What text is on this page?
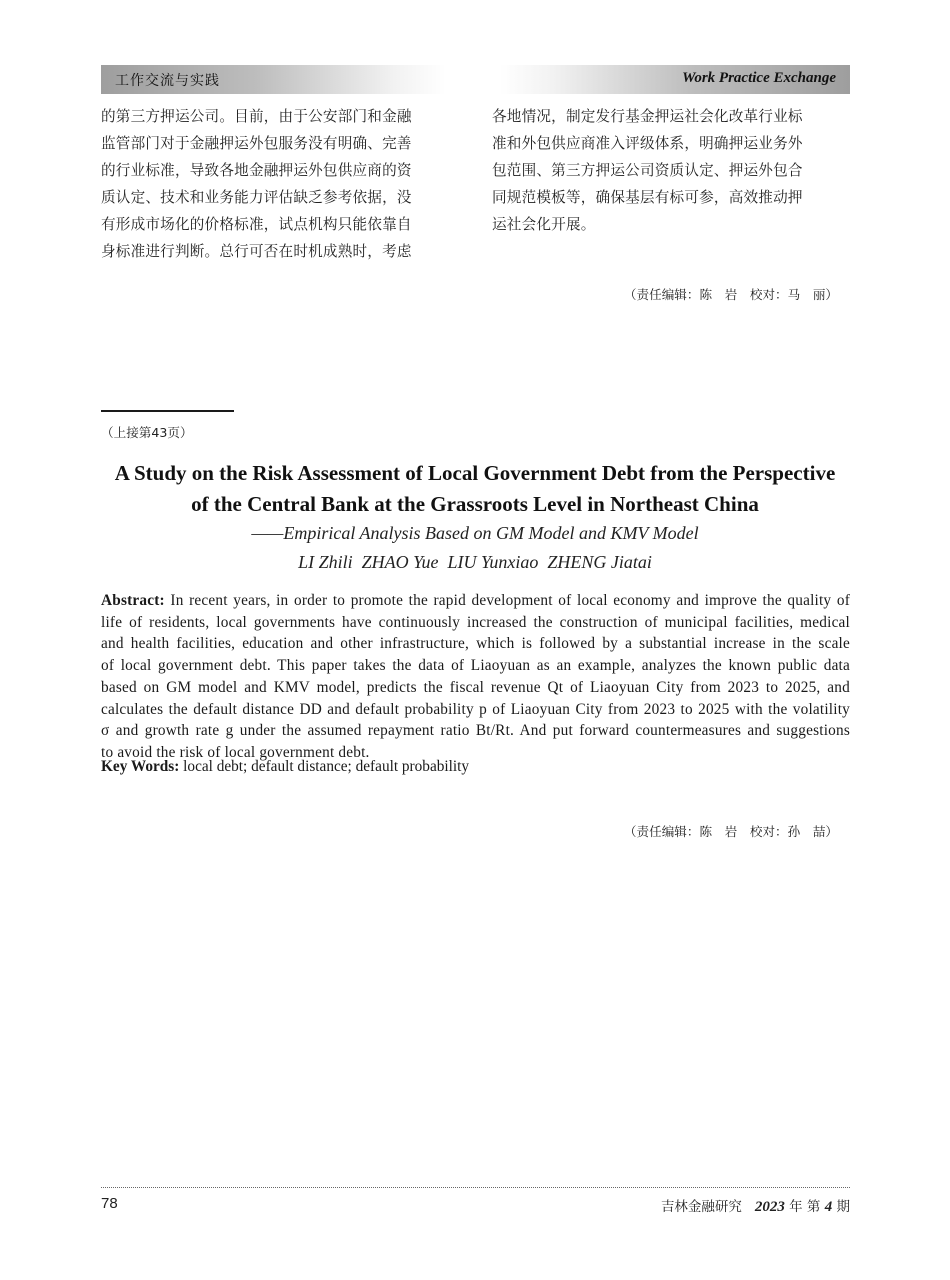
工作交流与实践	Work Practice Exchange
的第三方押运公司。目前，由于公安部门和金融
监管部门对于金融押运外包服务没有明确、完善
的行业标准，导致各地金融押运外包供应商的资
质认定、技术和业务能力评估缺乏参考依据，没
有形成市场化的价格标准，试点机构只能依靠自
身标准进行判断。总行可否在时机成熟时，考虑
各地情况，制定发行基金押运社会化改革行业标
准和外包供应商准入评级体系，明确押运业务外
包范围、第三方押运公司资质认定、押运外包合
同规范模板等，确保基层有标可参，高效推动押
运社会化开展。
（责任编辑：陈　岩　校对：马　丽）
（上接第43页）
A Study on the Risk Assessment of Local Government Debt from the Perspective
of the Central Bank at the Grassroots Level in Northeast China
——Empirical Analysis Based on GM Model and KMV Model
LI Zhili  ZHAO Yue  LIU Yunxiao  ZHENG Jiatai
Abstract: In recent years, in order to promote the rapid development of local economy and improve the quality of
life of residents, local governments have continuously increased the construction of municipal facilities, medical
and health facilities, education and other infrastructure, which is followed by a substantial increase in the scale
of local government debt. This paper takes the data of Liaoyuan as an example, analyzes the known public data
based on GM model and KMV model, predicts the fiscal revenue Qt of Liaoyuan City from 2023 to 2025, and
calculates the default distance DD and default probability p of Liaoyuan City from 2023 to 2025 with the volatility
σ and growth rate g under the assumed repayment ratio Bt/Rt. And put forward countermeasures and suggestions
to avoid the risk of local government debt.
Key Words: local debt; default distance; default probability
（责任编辑：陈　岩　校对：孙　喆）
78	吉林金融研究 2023 年 第 4 期
